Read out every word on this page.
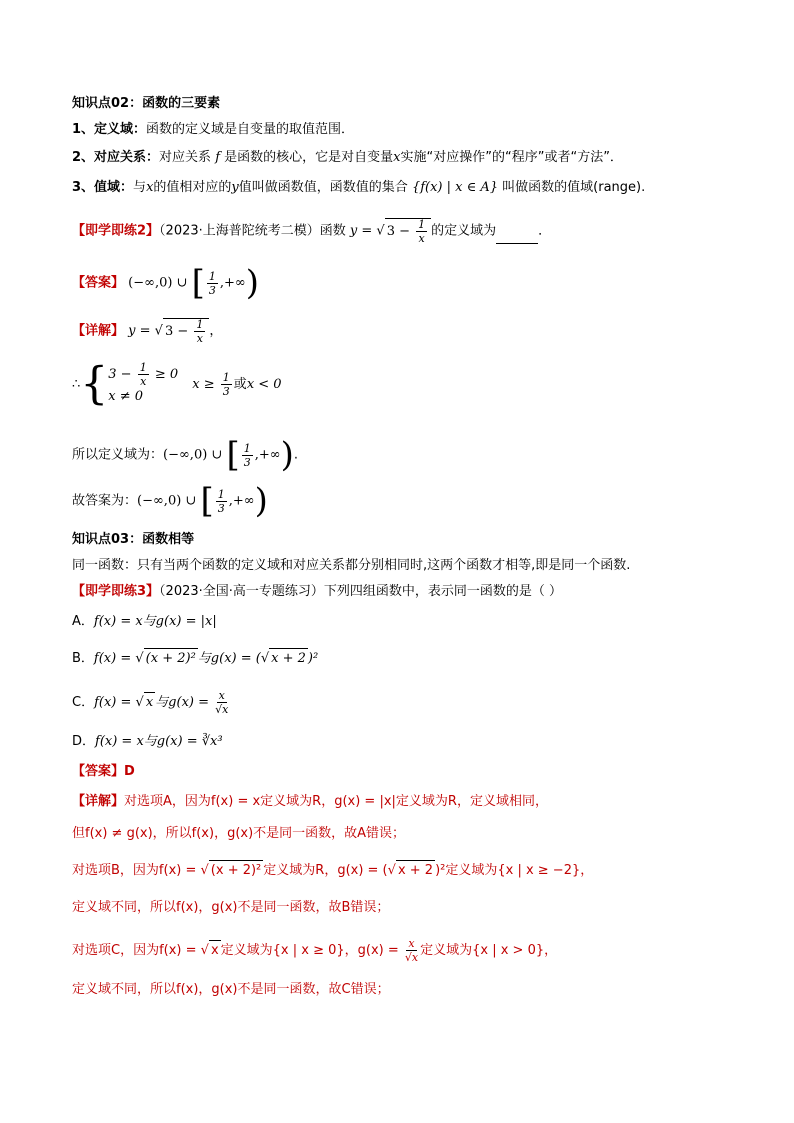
知识点02：函数的三要素
1、定义域：函数的定义域是自变量的取值范围．
2、对应关系：对应关系 f 是函数的核心，它是对自变量x实施“对应操作”的“程序”或者“方法”．
3、值域：与x的值相对应的y值叫做函数值，函数值的集合 {f(x) | x ∈ A} 叫做函数的值域(range).
【即学即练2】（2023·上海普陀统考二模）函数 y = √ $3 - \frac{1}{x}$ 的定义域为	．
【答案】 (−∞,0) ∪ [ $\frac{1}{3}$ ,+∞)
【详解】 y = √ $3 - \frac{1}{x}$ ，
∴{ $3 - \frac{1}{x} \ge 0$
x ≠ 0
$x \ge \frac{1}{3}$ 或x < 0
所以定义域为：(−∞,0) ∪ [ $\frac{1}{3}$ ,+∞).
故答案为：(−∞,0) ∪ [ $\frac{1}{3}$ ,+∞)
知识点03：函数相等
同一函数：只有当两个函数的定义域和对应关系都分别相同时,这两个函数才相等,即是同一个函数.
【即学即练3】（2023·全国·高一专题练习）下列四组函数中，表示同一函数的是（ ）
A．f(x) = x与g(x) = |x|
B．f(x) = √ (x + 2)² 与g(x) = (√ x + 2 )²
C．f(x) = √ x 与$g(x) = \frac{x}{√x}$
D．f(x) = x与g(x) = ∛x³
【答案】D
【详解】对选项A，因为f(x) = x定义域为R，g(x) = |x|定义域为R，定义域相同，
但f(x) ≠ g(x)，所以f(x)，g(x)不是同一函数，故A错误；
对选项B，因为f(x) = √ (x + 2)² 定义域为R，g(x) = (√ x + 2 )²定义域为{x | x ≥ −2}，
定义域不同，所以f(x)，g(x)不是同一函数，故B错误；
对选项C，因为f(x) = √ x 定义域为{x | x ≥ 0}，$g(x) = \frac{x}{√x}$ 定义域为{x | x > 0}，
定义域不同，所以f(x)，g(x)不是同一函数，故C错误；
